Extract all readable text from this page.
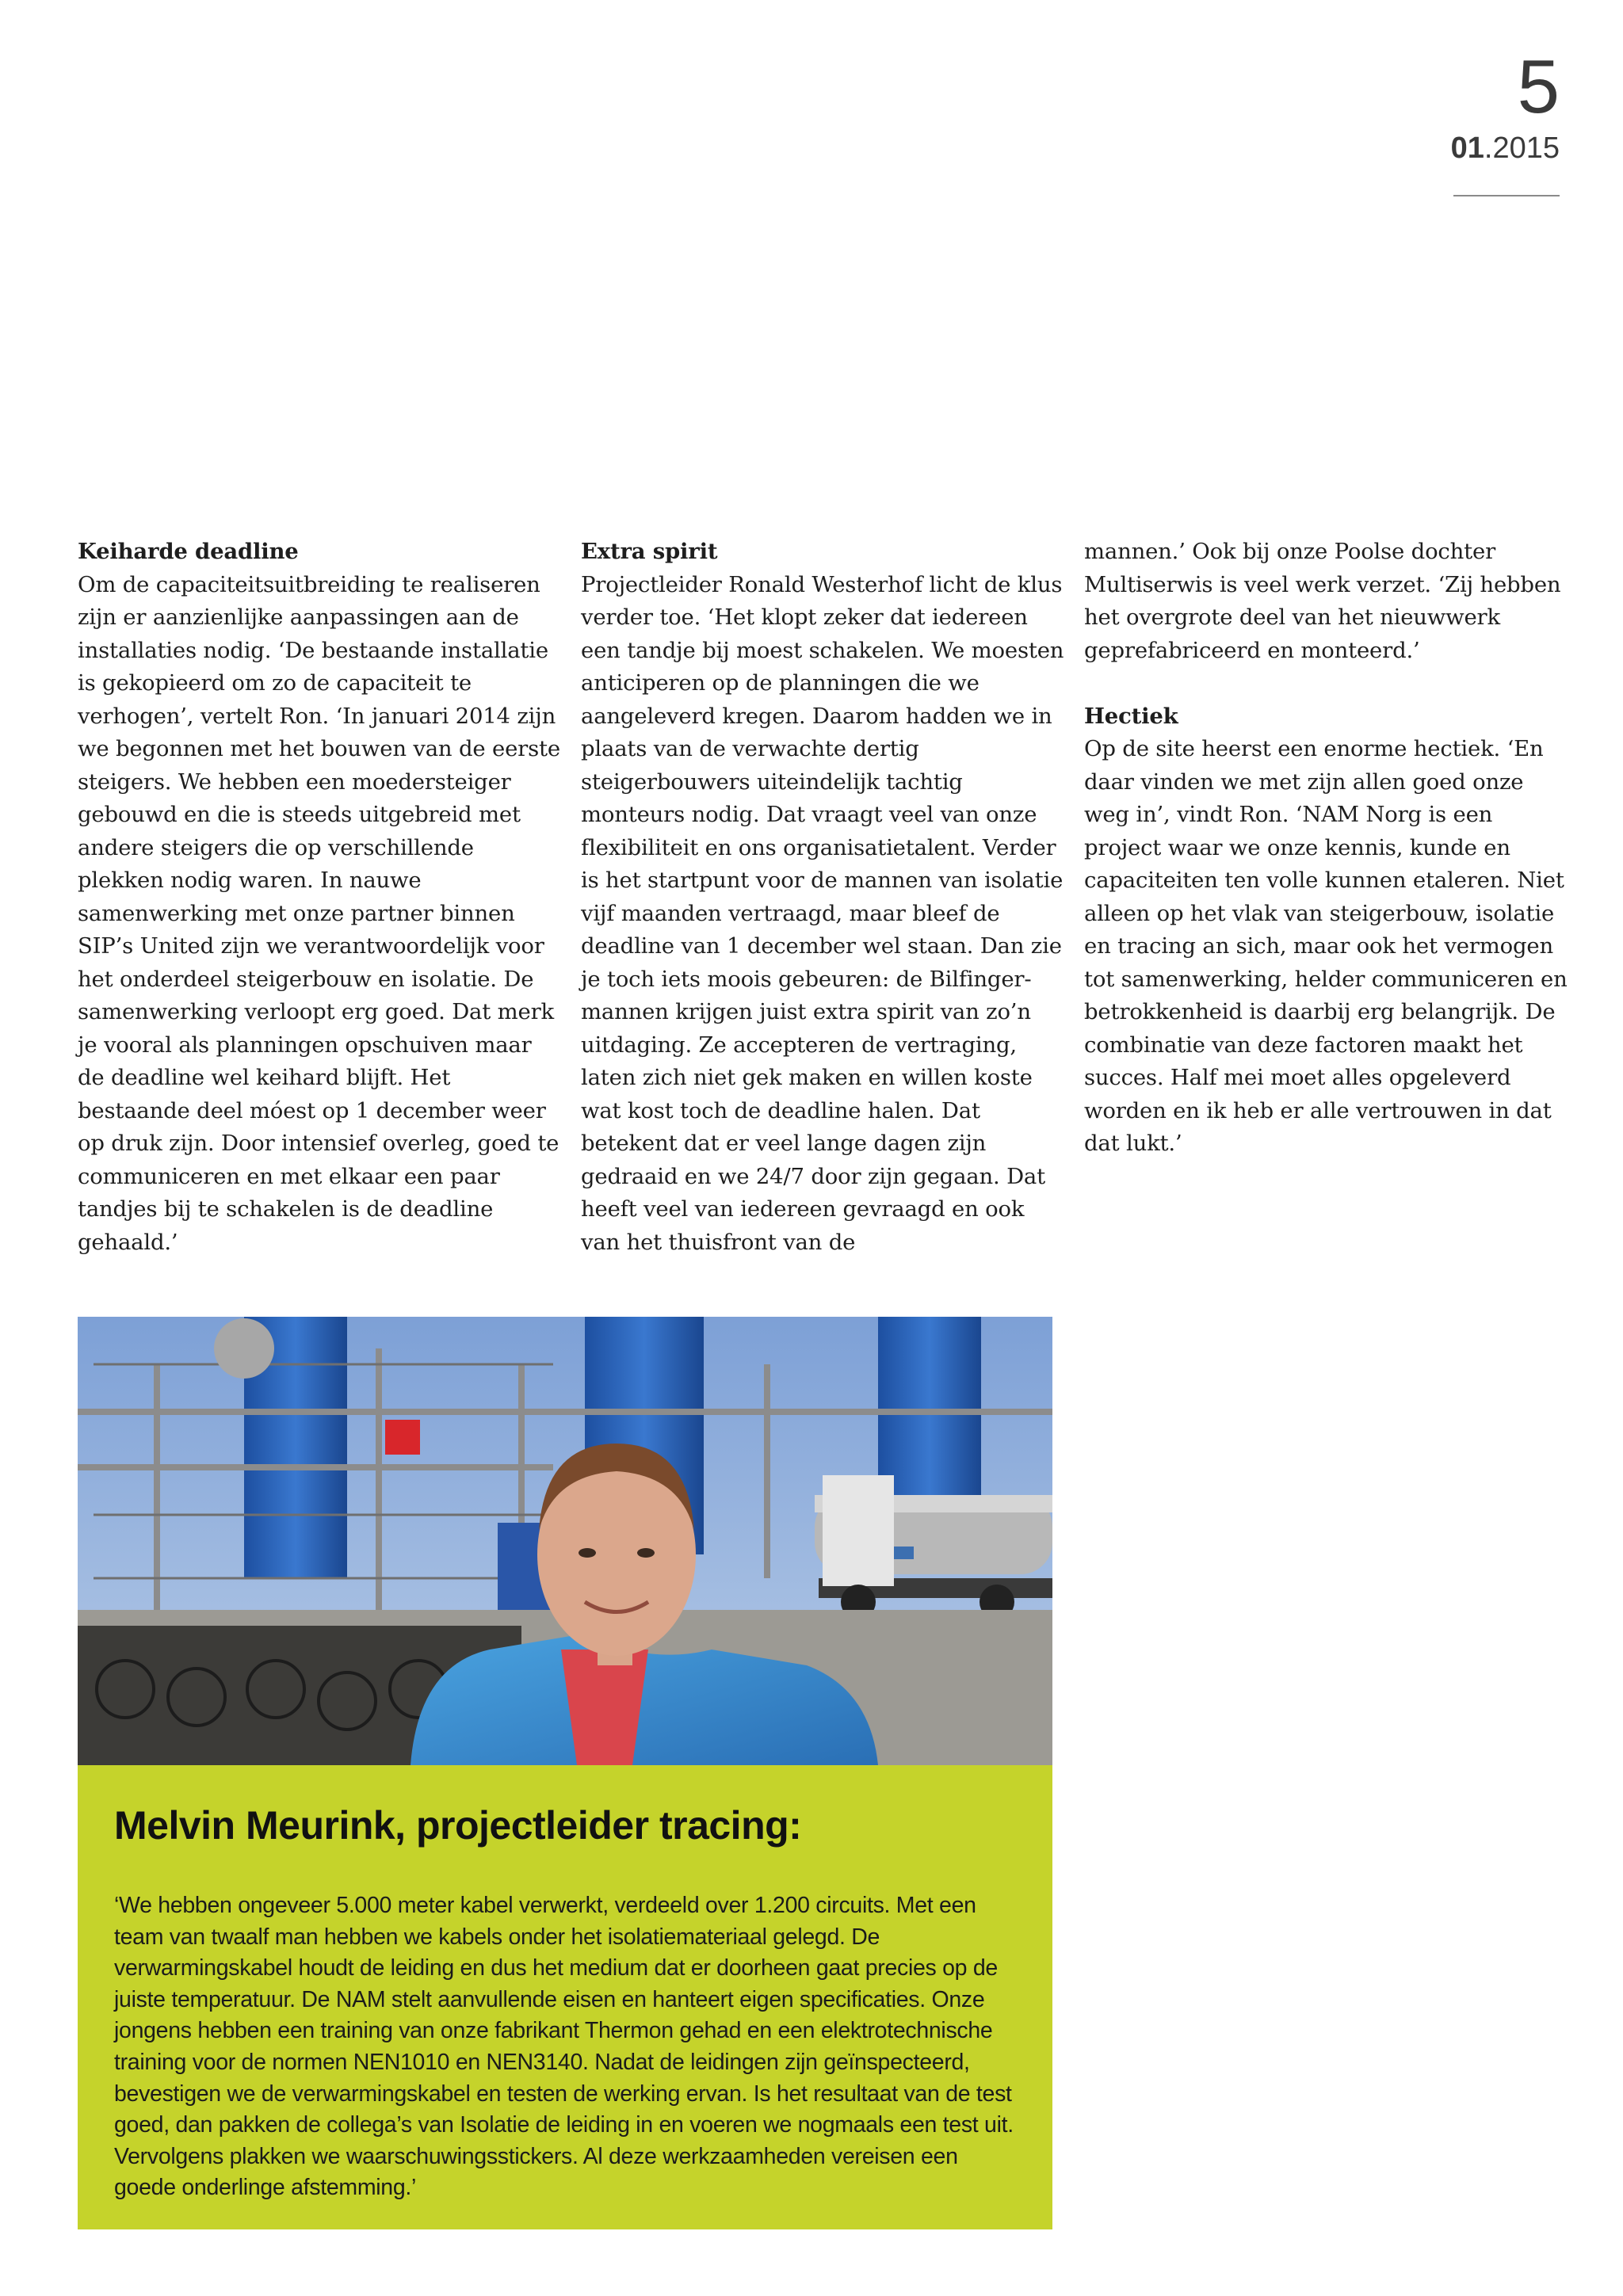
5
01.2015
Keiharde deadline

Om de capaciteitsuitbreiding te realiseren zijn er aanzienlijke aanpassingen aan de installaties nodig. ‘De bestaande installatie is gekopieerd om zo de capaciteit te verhogen’, vertelt Ron. ‘In januari 2014 zijn we begonnen met het bouwen van de eerste steigers. We hebben een moedersteiger gebouwd en die is steeds uitgebreid met andere steigers die op verschillende plekken nodig waren. In nauwe samenwerking met onze partner binnen SIP’s United zijn we verantwoordelijk voor het onderdeel steigerbouw en isolatie. De samenwerking verloopt erg goed. Dat merk je vooral als planningen opschuiven maar de deadline wel keihard blijft. Het bestaande deel móest op 1 december weer op druk zijn. Door intensief overleg, goed te communiceren en met elkaar een paar tandjes bij te schakelen is de deadline gehaald.’

Extra spirit

Projectleider Ronald Westerhof licht de klus verder toe. ‘Het klopt zeker dat iedereen een tandje bij moest schakelen. We moesten anticiperen op de planningen die we aangeleverd kregen. Daarom hadden we in plaats van de verwachte dertig steigerbouwers uiteindelijk tachtig monteurs nodig. Dat vraagt veel van onze flexibiliteit en ons organisatietalent. Verder is het startpunt voor de mannen van isolatie vijf maanden vertraagd, maar bleef de deadline van 1 december wel staan. Dan zie je toch iets moois gebeuren: de Bilfinger-mannen krijgen juist extra spirit van zo’n uitdaging. Ze accepteren de vertraging, laten zich niet gek maken en willen koste wat kost toch de deadline halen. Dat betekent dat er veel lange dagen zijn gedraaid en we 24/7 door zijn gegaan. Dat heeft veel van iedereen gevraagd en ook van het thuisfront van de

mannen.’ Ook bij onze Poolse dochter Multiserwis is veel werk verzet. ‘Zij hebben het overgrote deel van het nieuwwerk geprefabriceerd en monteerd.’

Hectiek

Op de site heerst een enorme hectiek. ‘En daar vinden we met zijn allen goed onze weg in’, vindt Ron. ‘NAM Norg is een project waar we onze kennis, kunde en capaciteiten ten volle kunnen etaleren. Niet alleen op het vlak van steigerbouw, isolatie en tracing an sich, maar ook het vermogen tot samenwerking, helder communiceren en betrokkenheid is daarbij erg belangrijk. De combinatie van deze factoren maakt het succes. Half mei moet alles opgeleverd worden en ik heb er alle vertrouwen in dat dat lukt.’

Melvin Meurink, projectleider tracing:

‘We hebben ongeveer 5.000 meter kabel verwerkt, verdeeld over 1.200 circuits. Met een team van twaalf man hebben we kabels onder het isolatiemateriaal gelegd. De verwarmingskabel houdt de leiding en dus het medium dat er doorheen gaat precies op de juiste temperatuur. De NAM stelt aanvullende eisen en hanteert eigen specificaties. Onze jongens hebben een training van onze fabrikant Thermon gehad en een elektrotechnische training voor de normen NEN1010 en NEN3140. Nadat de leidingen zijn geïnspecteerd, bevestigen we de verwarmingskabel en testen de werking ervan. Is het resultaat van de test goed, dan pakken de collega’s van Isolatie de leiding in en voeren we nogmaals een test uit. Vervolgens plakken we waarschuwingsstickers. Al deze werkzaamheden vereisen een goede onderlinge afstemming.’
